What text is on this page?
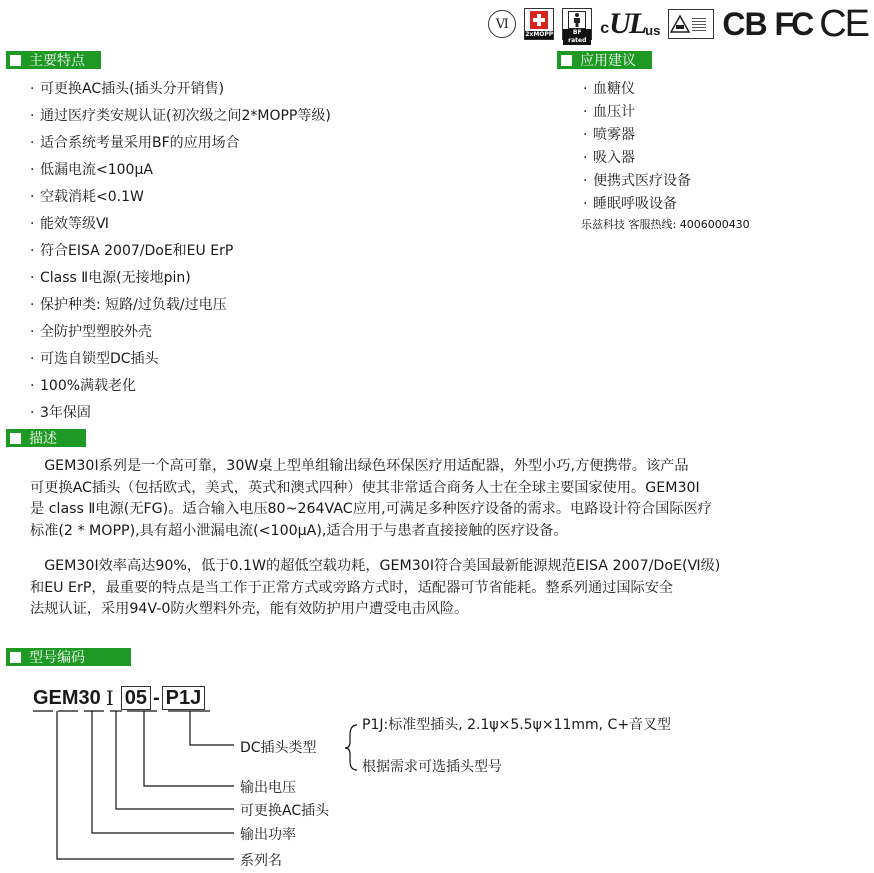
Ⅵ
2xMOPP	BF rated
c UL us CB FC CE
主要特点
· 可更换AC插头(插头分开销售)
· 通过医疗类安规认证(初次级之间2*MOPP等级)
· 适合系统考量采用BF的应用场合
· 低漏电流<100μA
· 空载消耗<0.1W
· 能效等级Ⅵ
· 符合EISA 2007/DoE和EU ErP
· Class Ⅱ电源(无接地pin)
· 保护种类: 短路/过负载/过电压
· 全防护型塑胶外壳
· 可选自锁型DC插头
· 100%满载老化
· 3年保固
应用建议
· 血糖仪
· 血压计
· 喷雾器
· 吸入器
· 便携式医疗设备
· 睡眠呼吸设备
乐兹科技 客服热线: 4006000430
描述
　GEM30I系列是一个高可靠，30W桌上型单组输出绿色环保医疗用适配器，外型小巧,方便携带。该产品
可更换AC插头（包括欧式，美式，英式和澳式四种）使其非常适合商务人士在全球主要国家使用。GEM30I
是 class Ⅱ电源(无FG)。适合输入电压80~264VAC应用,可满足多种医疗设备的需求。电路设计符合国际医疗
标准(2 * MOPP),具有超小泄漏电流(<100μA),适合用于与患者直接接触的医疗设备。
　GEM30I效率高达90%，低于0.1W的超低空载功耗，GEM30I符合美国最新能源规范EISA 2007/DoE(Ⅵ级)
和EU ErP，最重要的特点是当工作于正常方式或旁路方式时，适配器可节省能耗。整系列通过国际安全
法规认证，采用94V-0防火塑料外壳，能有效防护用户遭受电击风险。
型号编码
GEM30 I 05 - P1J
DC插头类型
输出电压
可更换AC插头
输出功率
系列名
P1J:标准型插头, 2.1ψ×5.5ψ×11mm, C+音叉型
根据需求可选插头型号
